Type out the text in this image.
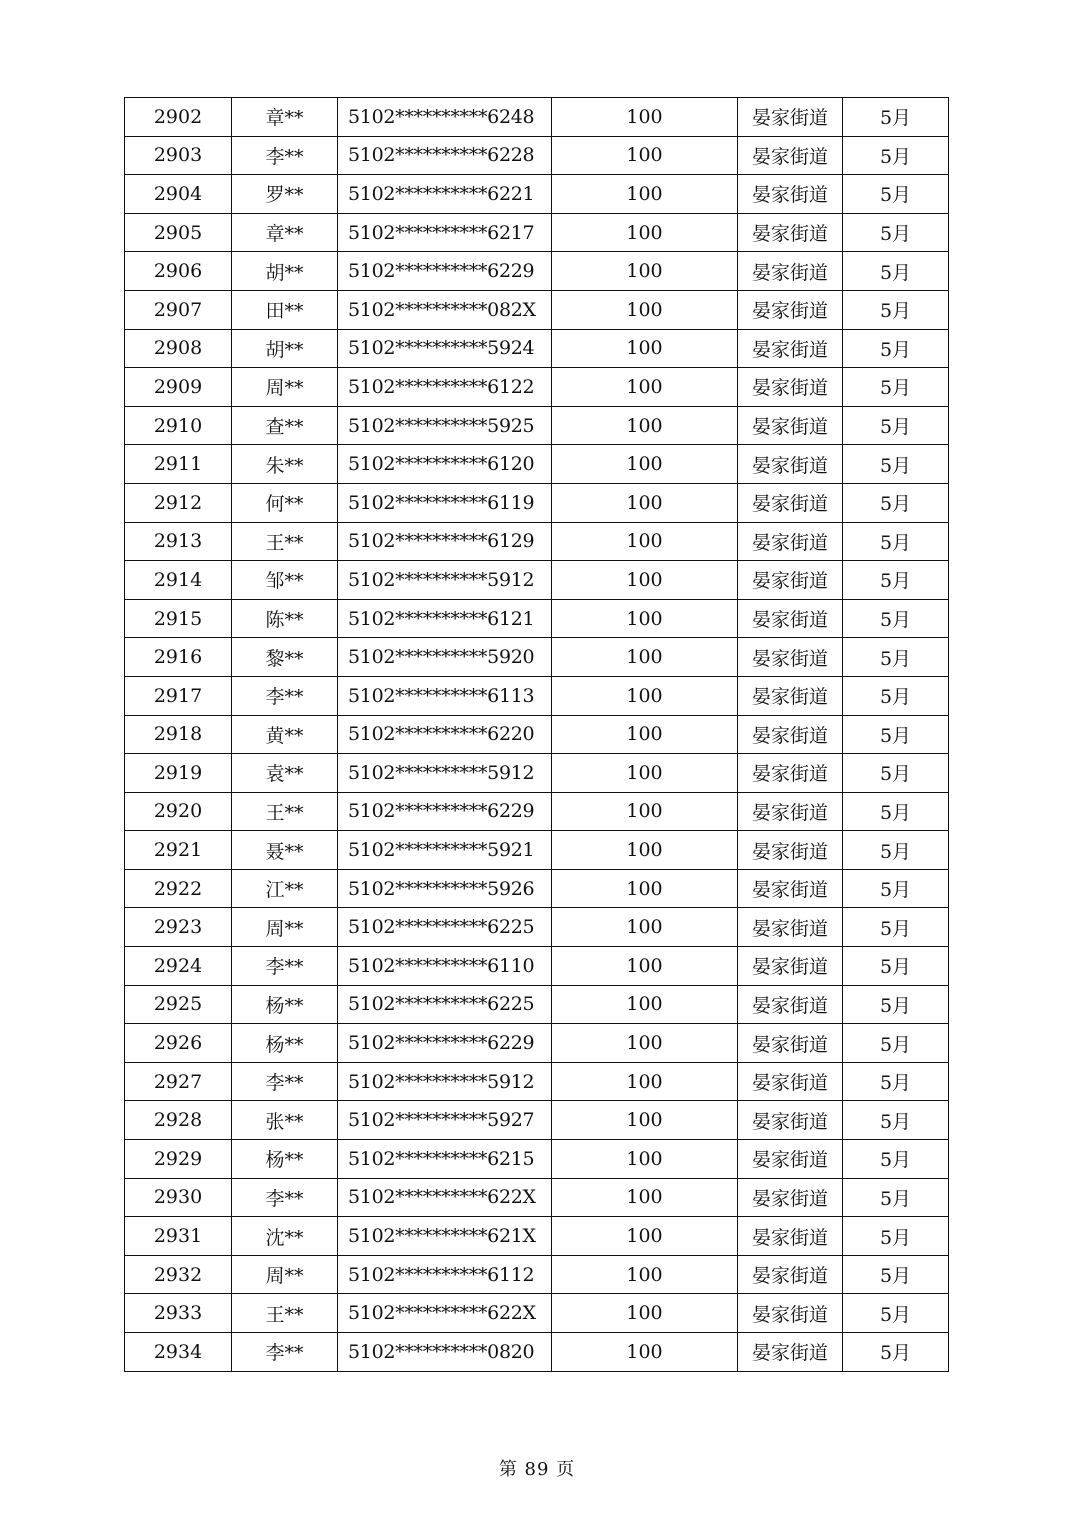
2902	章**	5102**********6248	100	晏家街道	5月
2903	李**	5102**********6228	100	晏家街道	5月
2904	罗**	5102**********6221	100	晏家街道	5月
2905	章**	5102**********6217	100	晏家街道	5月
2906	胡**	5102**********6229	100	晏家街道	5月
2907	田**	5102**********082X	100	晏家街道	5月
2908	胡**	5102**********5924	100	晏家街道	5月
2909	周**	5102**********6122	100	晏家街道	5月
2910	查**	5102**********5925	100	晏家街道	5月
2911	朱**	5102**********6120	100	晏家街道	5月
2912	何**	5102**********6119	100	晏家街道	5月
2913	王**	5102**********6129	100	晏家街道	5月
2914	邹**	5102**********5912	100	晏家街道	5月
2915	陈**	5102**********6121	100	晏家街道	5月
2916	黎**	5102**********5920	100	晏家街道	5月
2917	李**	5102**********6113	100	晏家街道	5月
2918	黄**	5102**********6220	100	晏家街道	5月
2919	袁**	5102**********5912	100	晏家街道	5月
2920	王**	5102**********6229	100	晏家街道	5月
2921	聂**	5102**********5921	100	晏家街道	5月
2922	江**	5102**********5926	100	晏家街道	5月
2923	周**	5102**********6225	100	晏家街道	5月
2924	李**	5102**********6110	100	晏家街道	5月
2925	杨**	5102**********6225	100	晏家街道	5月
2926	杨**	5102**********6229	100	晏家街道	5月
2927	李**	5102**********5912	100	晏家街道	5月
2928	张**	5102**********5927	100	晏家街道	5月
2929	杨**	5102**********6215	100	晏家街道	5月
2930	李**	5102**********622X	100	晏家街道	5月
2931	沈**	5102**********621X	100	晏家街道	5月
2932	周**	5102**********6112	100	晏家街道	5月
2933	王**	5102**********622X	100	晏家街道	5月
2934	李**	5102**********0820	100	晏家街道	5月
第 89 页
